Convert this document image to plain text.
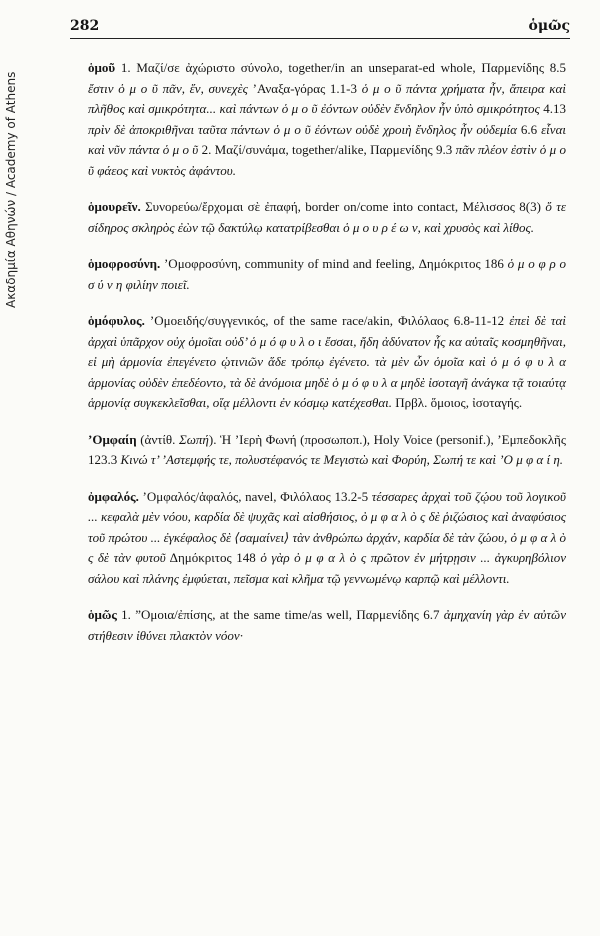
Ακαδημία Αθηνών / Academy of Athens
282	ὁμῶς

ὁμοῦ 1. Μαζί/σε ἀχώριστο σύνολο, together/in an unseparat-ed whole, Παρμενίδης 8.5 ἔστιν ὁ μ ο ῦ πᾶν, ἕν, συνεχὲς ’Αναξα-γόρας 1.1-3 ὁ μ ο ῦ πάντα χρήματα ἦν, ἄπειρα καὶ πλῆθος καὶ σμικρότητα... καὶ πάντων ὁ μ ο ῦ ἐόντων οὐδὲν ἔνδηλον ἦν ὑπὸ σμικρότητος 4.13 πρὶν δὲ ἀποκριθῆναι ταῦτα πάντων ὁ μ ο ῦ ἐόντων οὐδὲ χροιὴ ἔνδηλος ἦν οὐδεμία 6.6 εἶναι καὶ νῦν πάντα ὁ μ ο ῦ 2. Μαζί/συνάμα, together/alike, Παρμενίδης 9.3 πᾶν πλέον ἐστὶν ὁ μ ο ῦ φάεος καὶ νυκτὸς ἀφάντου.

ὁμουρεῖν. Συνορεύω/ἔρχομαι σὲ ἐπαφή, border on/come into contact, Μέλισσος 8(3) ὅ τε σίδηρος σκληρὸς ἐὼν τῷ δακτύλῳ κατατρίβεσθαι ὁ μ ο υ ρ έ ω ν, καὶ χρυσὸς καὶ λίθος.

ὁμοφροσύνη. ’Ομοφροσύνη, community of mind and feeling, Δημόκριτος 186 ὁ μ ο φ ρ ο σ ύ ν η φιλίην ποιεῖ.

ὁμόφυλος. ’Ομοειδής/συγγενικός, of the same race/akin, Φιλόλαος 6.8-11-12 ἐπεὶ δὲ ταὶ ἀρχαὶ ὑπᾶρχον οὐχ ὁμοῖαι οὐδ’ ὁ μ ό φ υ λ ο ι ἔσσαι, ἤδη ἀδύνατον ἧς κα αὐταῖς κοσμηθῆναι, εἰ μὴ ἁρμονία ἐπεγένετο ᾡτινιῶν ἅδε τρόπῳ ἐγένετο. τὰ μὲν ὦν ὁμοῖα καὶ ὁ μ ό φ υ λ α ἁρμονίας οὐδὲν ἐπεδέοντο, τὰ δὲ ἀνόμοια μηδὲ ὁ μ ό φ υ λ α μηδὲ ἰσοταγῆ ἀνάγκα τᾷ τοιαύτᾳ ἁρμονίᾳ συγκεκλεῖσθαι, οἵᾳ μέλλοντι ἐν κόσμῳ κατέχεσθαι. Πρβλ. ὅμοιος, ἰσοταγής.

’Ομφαίη (ἀντίθ. Σωπή). Ἡ ’Ιερὴ Φωνή (προσωποπ.), Holy Voice (personif.), ’Εμπεδοκλῆς 123.3 Κινώ τ’ ’Αστεμφής τε, πολυστέφανός τε Μεγιστὼ καὶ Φορύη, Σωπή τε καὶ ’Ο μ φ α ί η.

ὀμφαλός. ’Ομφαλός/ἀφαλός, navel, Φιλόλαος 13.2-5 τέσσαρες ἀρχαὶ τοῦ ζῴου τοῦ λογικοῦ ... κεφαλὰ μὲν νόου, καρδία δὲ ψυχᾶς καὶ αἰσθήσιος, ὀ μ φ α λ ὸ ς δὲ ῥιζώσιος καὶ ἀναφύσιος τοῦ πρώτου ... ἐγκέφαλος δὲ ⟨σαμαίνει⟩ τὰν ἀνθρώπω ἀρχάν, καρδία δὲ τὰν ζώου, ὀ μ φ α λ ὸ ς δὲ τὰν φυτοῦ Δημόκριτος 148 ὁ γὰρ ὀ μ φ α λ ὸ ς πρῶτον ἐν μήτρῃσιν ... ἀγκυρηβόλιον σάλου καὶ πλάνης ἐμφύεται, πεῖσμα καὶ κλῆμα τῷ γεννωμένῳ καρπῷ καὶ μέλλοντι.

ὁμῶς 1. ”Ομοια/ἐπίσης, at the same time/as well, Παρμενίδης 6.7 ἀμηχανίη γὰρ ἐν αὐτῶν στήθεσιν ἰθύνει πλακτὸν νόον·
